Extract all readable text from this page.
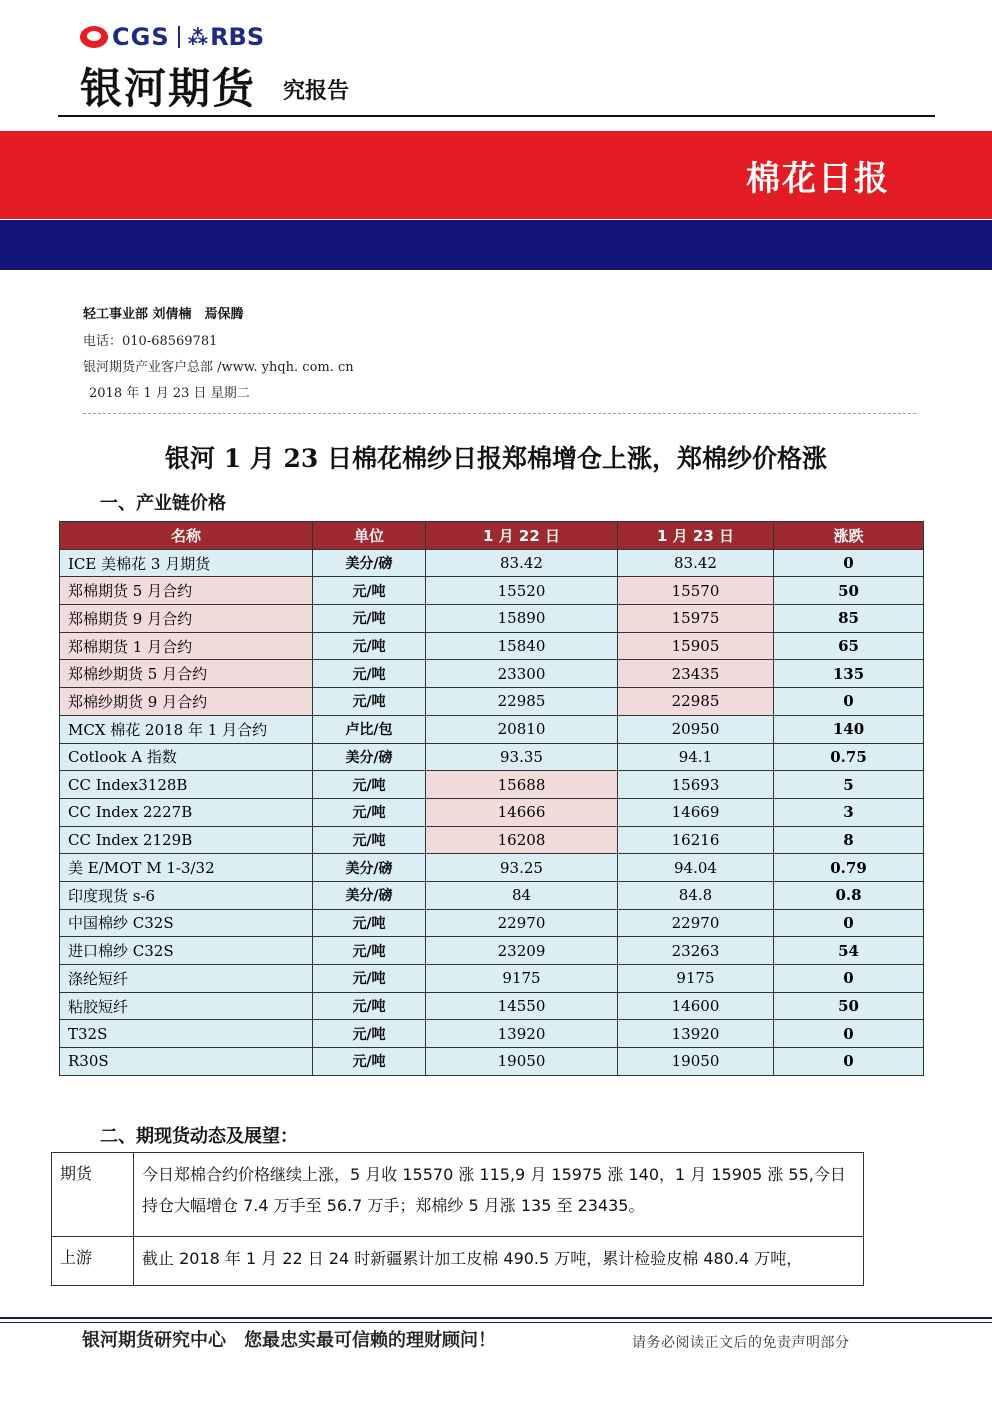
CGS ⁂ RBS
银河期货 究报告
棉花日报
轻工事业部 刘倩楠　焉保腾
电话：010-68569781
银河期货产业客户总部 /www. yhqh. com. cn
2018 年 1 月 23 日 星期二
银河 1 月 23 日棉花棉纱日报郑棉增仓上涨，郑棉纱价格涨
一、产业链价格
名称	单位	1 月 22 日	1 月 23 日	涨跌
ICE 美棉花 3 月期货	美分/磅	83.42	83.42	0
郑棉期货 5 月合约	元/吨	15520	15570	50
郑棉期货 9 月合约	元/吨	15890	15975	85
郑棉期货 1 月合约	元/吨	15840	15905	65
郑棉纱期货 5 月合约	元/吨	23300	23435	135
郑棉纱期货 9 月合约	元/吨	22985	22985	0
MCX 棉花 2018 年 1 月合约	卢比/包	20810	20950	140
Cotlook A 指数	美分/磅	93.35	94.1	0.75
CC Index3128B	元/吨	15688	15693	5
CC Index 2227B	元/吨	14666	14669	3
CC Index 2129B	元/吨	16208	16216	8
美 E/MOT M 1-3/32	美分/磅	93.25	94.04	0.79
印度现货 s-6	美分/磅	84	84.8	0.8
中国棉纱 C32S	元/吨	22970	22970	0
进口棉纱 C32S	元/吨	23209	23263	54
涤纶短纤	元/吨	9175	9175	0
粘胶短纤	元/吨	14550	14600	50
T32S	元/吨	13920	13920	0
R30S	元/吨	19050	19050	0
二、期现货动态及展望：
期货	今日郑棉合约价格继续上涨，5 月收 15570 涨 115,9 月 15975 涨 140，1 月 15905 涨 55,今日持仓大幅增仓 7.4 万手至 56.7 万手；郑棉纱 5 月涨 135 至 23435。
上游	截止 2018 年 1 月 22 日 24 时新疆累计加工皮棉 490.5 万吨，累计检验皮棉 480.4 万吨，
银河期货研究中心　您最忠实最可信赖的理财顾问！	请务必阅读正文后的免责声明部分
